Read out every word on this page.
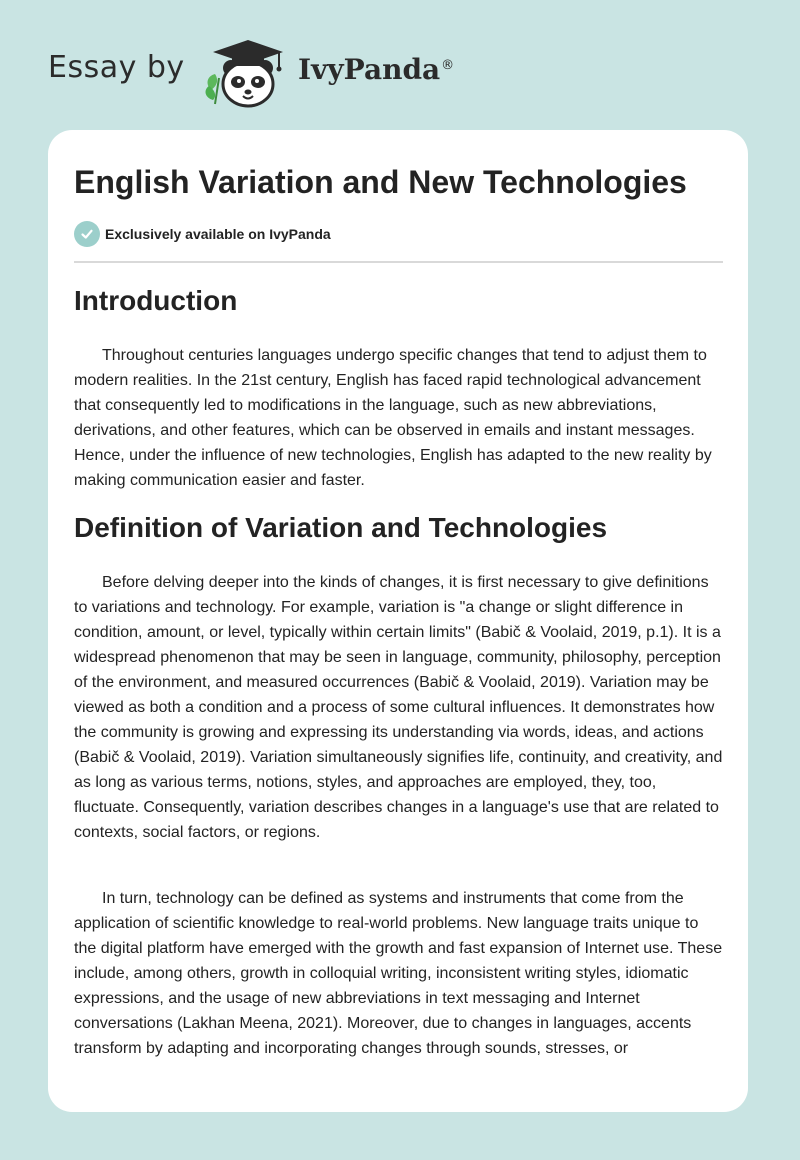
Essay by	IvyPanda®
English Variation and New Technologies
Exclusively available on IvyPanda
Introduction

Throughout centuries languages undergo specific changes that tend to adjust them to modern realities. In the 21st century, English has faced rapid technological advancement that consequently led to modifications in the language, such as new abbreviations, derivations, and other features, which can be observed in emails and instant messages. Hence, under the influence of new technologies, English has adapted to the new reality by making communication easier and faster.

Definition of Variation and Technologies

Before delving deeper into the kinds of changes, it is first necessary to give definitions to variations and technology. For example, variation is "a change or slight difference in condition, amount, or level, typically within certain limits" (Babič & Voolaid, 2019, p.1). It is a widespread phenomenon that may be seen in language, community, philosophy, perception of the environment, and measured occurrences (Babič & Voolaid, 2019). Variation may be viewed as both a condition and a process of some cultural influences. It demonstrates how the community is growing and expressing its understanding via words, ideas, and actions (Babič & Voolaid, 2019). Variation simultaneously signifies life, continuity, and creativity, and as long as various terms, notions, styles, and approaches are employed, they, too, fluctuate. Consequently, variation describes changes in a language's use that are related to contexts, social factors, or regions.

In turn, technology can be defined as systems and instruments that come from the application of scientific knowledge to real-world problems. New language traits unique to the digital platform have emerged with the growth and fast expansion of Internet use. These include, among others, growth in colloquial writing, inconsistent writing styles, idiomatic expressions, and the usage of new abbreviations in text messaging and Internet conversations (Lakhan Meena, 2021). Moreover, due to changes in languages, accents transform by adapting and incorporating changes through sounds, stresses, or
